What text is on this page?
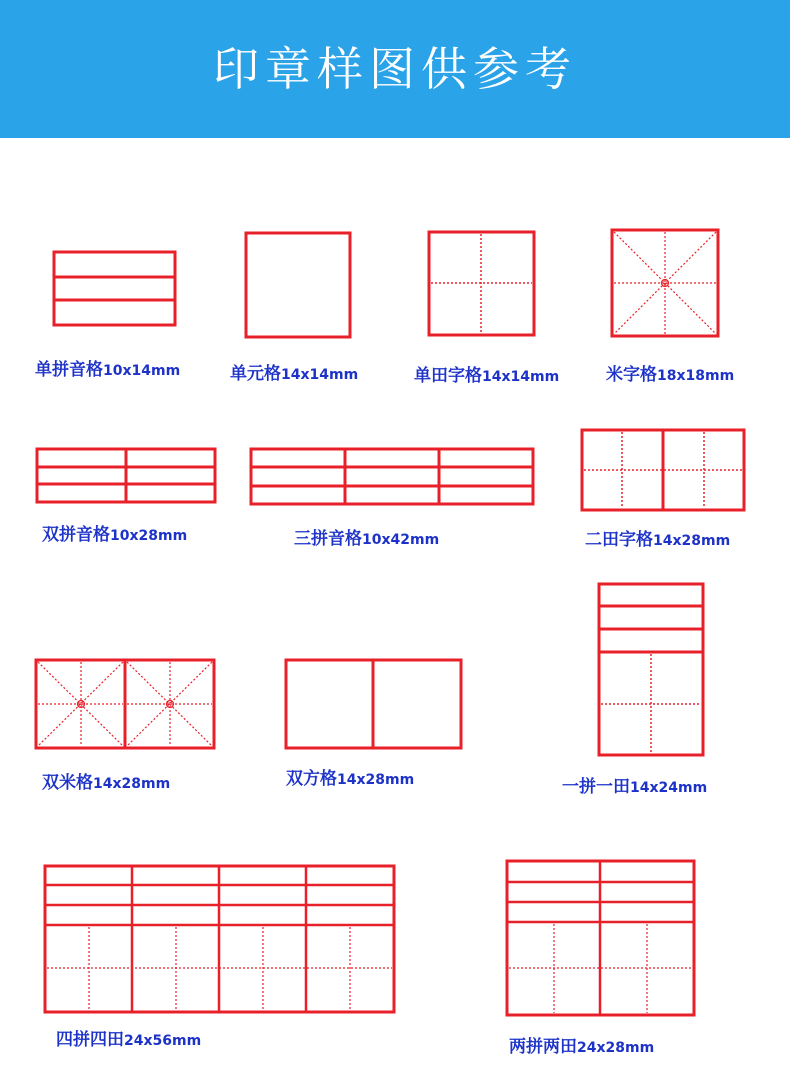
印章样图供参考
单拼音格10x14mm	单元格14x14mm	单田字格14x14mm	米字格18x18mm
双拼音格10x28mm	三拼音格10x42mm	二田字格14x28mm
双米格14x28mm	双方格14x28mm	一拼一田14x24mm
四拼四田24x56mm	两拼两田24x28mm
